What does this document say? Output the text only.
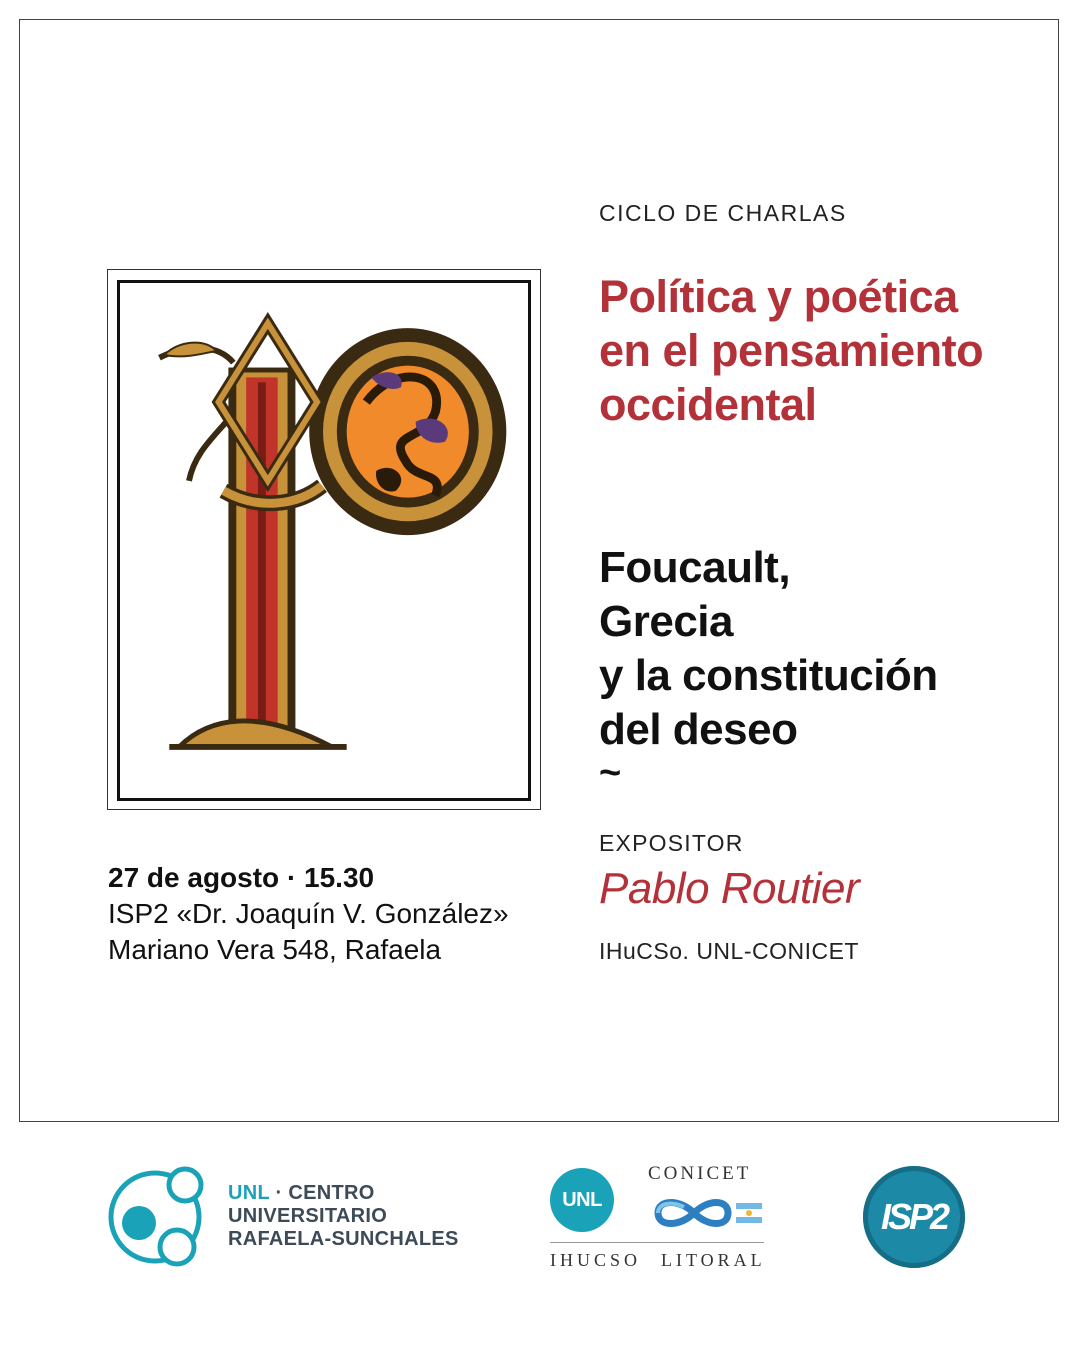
CICLO DE CHARLAS
Política y poética
en el pensamiento
occidental
Foucault,
Grecia
y la constitución
del deseo
~
EXPOSITOR
Pablo Routier
IHuCSo. UNL-CONICET
27 de agosto · 15.30
ISP2 «Dr. Joaquín V. González»
Mariano Vera 548, Rafaela
UNL · CENTRO
UNIVERSITARIO
RAFAELA-SUNCHALES
UNL
CONICET
IHUCSO LITORAL
ISP2
